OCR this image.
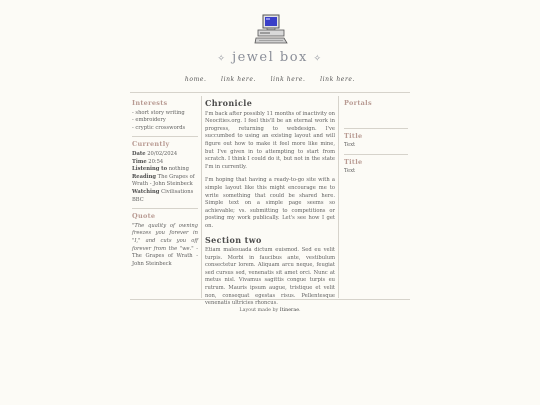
✧ jewel box ✧
home. link here. link here. link here.
Interests
- short story writing
- embroidery
- cryptic crosswords
Currently
Date 20/02/2024
Time 20:54
Listening to nothing
Reading The Grapes of Wrath - John Steinbeck
Watching Civilisations BBC
Quote
"The quality of owning freezes you forever in "I," and cuts you off forever from the "we." - The Grapes of Wrath - John Steinbeck
Chronicle

I'm back after possibly 11 months of inactivity on Neocities.org. I feel this'll be an eternal work in progress, returning to webdesign. I've succumbed to using an existing layout and will figure out how to make it feel more like mine, but I've given in to attempting to start from scratch. I think I could do it, but not in the state I'm in currently.

I'm hoping that having a ready-to-go site with a simple layout like this might encourage me to write something that could be shared here. Simple text on a simple page seems so achievable; vs. submitting to competitions or posting my work publically. Let's see how I get on.

Section two

Etiam malesuada dictum euismod. Sed eu velit turpis. Morbi in faucibus ante, vestibulum consectetur lorem. Aliquam arcu neque, feugiat sed cursus sed, venenatis sit amet orci. Nunc at metus nisl. Vivamus sagittis congue turpis eu rutrum. Mauris ipsum augue, tristique et velit non, consequat egestas risus. Pellentesque venenatis ultricies rhoncus.

Portals
Title
Text
Title
Text
Layout made by Itinerae.
